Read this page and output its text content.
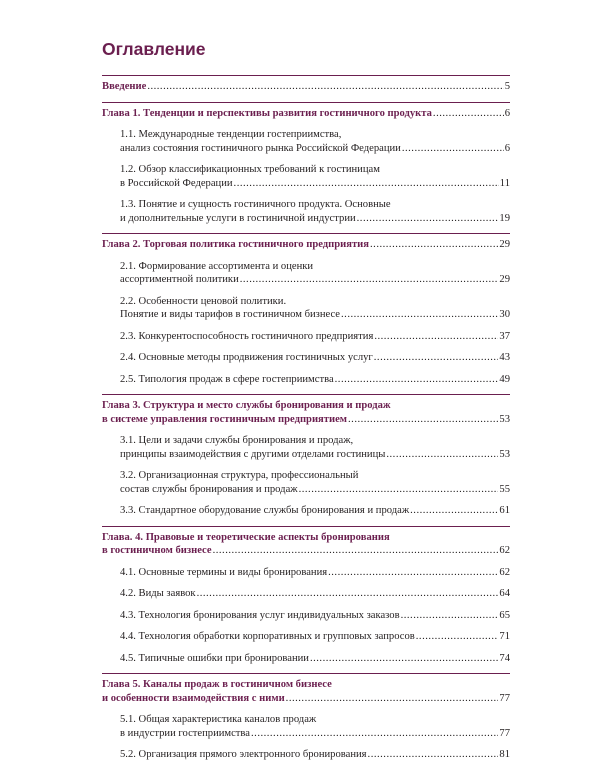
Оглавление
Введение .....	5
Глава 1. Тенденции и перспективы развития гостиничного продукта .....	6
1.1. Международные тенденции гостеприимства,
анализ состояния гостиничного рынка Российской Федерации .....	6
1.2. Обзор классификационных требований к гостиницам
в Российской Федерации .....	11
1.3. Понятие и сущность гостиничного продукта. Основные
и дополнительные услуги в гостиничной индустрии .....	19
Глава 2. Торговая политика гостиничного предприятия .....	29
2.1. Формирование ассортимента и оценки
ассортиментной политики .....	29
2.2. Особенности ценовой политики.
Понятие и виды тарифов в гостиничном бизнесе .....	30
2.3. Конкурентоспособность гостиничного предприятия .....	37
2.4. Основные методы продвижения гостиничных услуг .....	43
2.5. Типология продаж в сфере гостеприимства .....	49
Глава 3. Структура и место службы бронирования и продаж
в системе управления гостиничным предприятием .....	53
3.1. Цели и задачи службы бронирования и продаж,
принципы взаимодействия с другими отделами гостиницы .....	53
3.2. Организационная структура, профессиональный
состав службы бронирования и продаж .....	55
3.3. Стандартное оборудование службы бронирования и продаж .....	61
Глава. 4. Правовые и теоретические аспекты бронирования
в гостиничном бизнесе .....	62
4.1. Основные термины и виды бронирования .....	62
4.2. Виды заявок .....	64
4.3. Технология бронирования услуг индивидуальных заказов .....	65
4.4. Технология обработки корпоративных и групповых запросов .....	71
4.5. Типичные ошибки при бронировании .....	74
Глава 5. Каналы продаж в гостиничном бизнесе
и особенности взаимодействия с ними .....	77
5.1. Общая характеристика каналов продаж
в индустрии гостеприимства .....	77
5.2. Организация прямого электронного бронирования .....	81
